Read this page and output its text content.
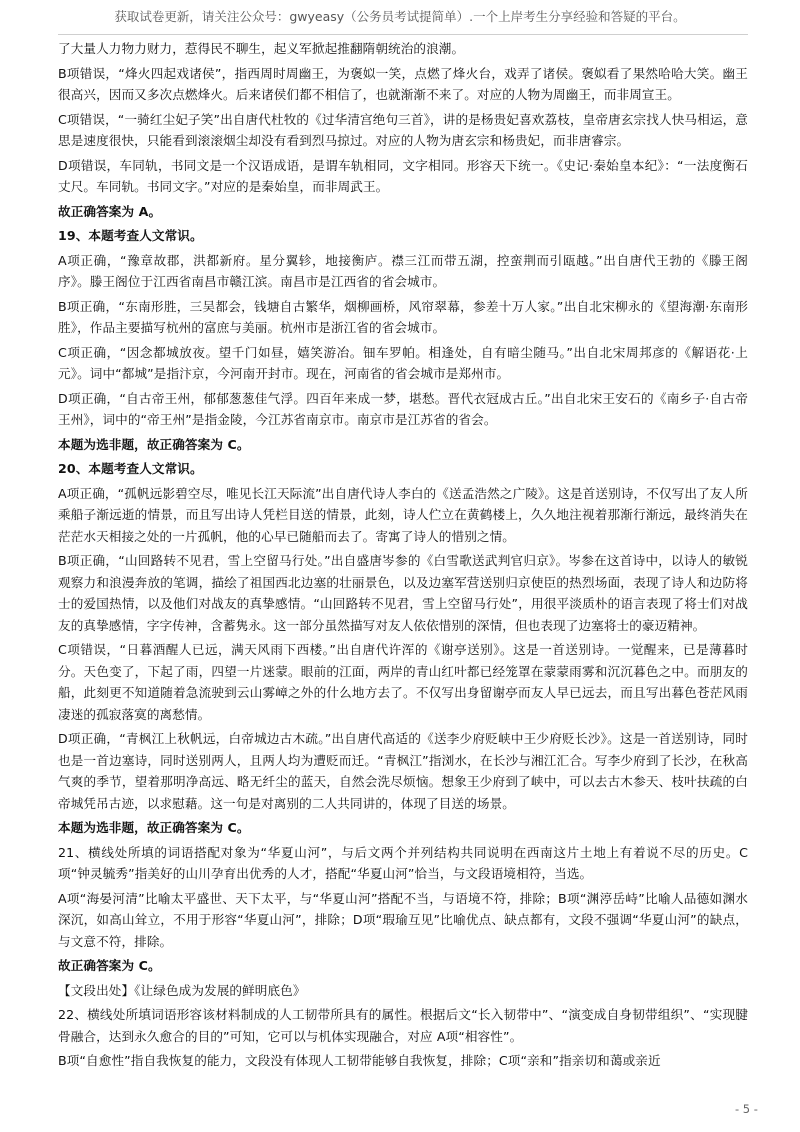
获取试卷更新，请关注公众号：gwyeasy（公务员考试提简单）.一个上岸考生分享经验和答疑的平台。

了大量人力物力财力，惹得民不聊生，起义军掀起推翻隋朝统治的浪潮。

B项错误，“烽火四起戏诸侯”，指西周时周幽王，为褒姒一笑，点燃了烽火台，戏弄了诸侯。褒姒看了果然哈哈大笑。幽王很高兴，因而又多次点燃烽火。后来诸侯们都不相信了，也就渐渐不来了。对应的人物为周幽王，而非周宣王。

C项错误，“一骑红尘妃子笑”出自唐代杜牧的《过华清宫绝句三首》，讲的是杨贵妃喜欢荔枝，皇帝唐玄宗找人快马相运，意思是速度很快，只能看到滚滚烟尘却没有看到烈马掠过。对应的人物为唐玄宗和杨贵妃，而非唐睿宗。

D项错误，车同轨，书同文是一个汉语成语，是谓车轨相同，文字相同。形容天下统一。《史记·秦始皇本纪》：“一法度衡石丈尺。车同轨。书同文字。”对应的是秦始皇，而非周武王。

故正确答案为 A。

19、本题考查人文常识。

A项正确，“豫章故郡，洪都新府。星分翼轸，地接衡庐。襟三江而带五湖，控蛮荆而引瓯越。”出自唐代王勃的《滕王阁序》。滕王阁位于江西省南昌市赣江滨。南昌市是江西省的省会城市。

B项正确，“东南形胜，三吴都会，钱塘自古繁华，烟柳画桥，风帘翠幕，参差十万人家。”出自北宋柳永的《望海潮·东南形胜》，作品主要描写杭州的富庶与美丽。杭州市是浙江省的省会城市。

C项正确，“因念都城放夜。望千门如昼，嬉笑游冶。钿车罗帕。相逢处，自有暗尘随马。”出自北宋周邦彦的《解语花·上元》。词中“都城”是指汴京，今河南开封市。现在，河南省的省会城市是郑州市。

D项正确，“自古帝王州，郁郁葱葱佳气浮。四百年来成一梦，堪愁。晋代衣冠成古丘。”出自北宋王安石的《南乡子·自古帝王州》，词中的“帝王州”是指金陵，今江苏省南京市。南京市是江苏省的省会。

本题为选非题，故正确答案为 C。

20、本题考查人文常识。

A项正确，“孤帆远影碧空尽，唯见长江天际流”出自唐代诗人李白的《送孟浩然之广陵》。这是首送别诗，不仅写出了友人所乘船子渐远逝的情景，而且写出诗人凭栏目送的情景，此刻，诗人伫立在黄鹤楼上，久久地注视着那渐行渐远，最终消失在茫茫水天相接之处的一片孤帆，他的心早已随船而去了。寄寓了诗人的惜别之情。

B项正确，“山回路转不见君，雪上空留马行处。”出自盛唐岑参的《白雪歌送武判官归京》。岑参在这首诗中，以诗人的敏锐观察力和浪漫奔放的笔调，描绘了祖国西北边塞的壮丽景色，以及边塞军营送别归京使臣的热烈场面，表现了诗人和边防将士的爱国热情，以及他们对战友的真挚感情。“山回路转不见君，雪上空留马行处”，用很平淡质朴的语言表现了将士们对战友的真挚感情，字字传神，含蓄隽永。这一部分虽然描写对友人依依惜别的深情，但也表现了边塞将士的豪迈精神。

C项错误，“日暮酒醒人已远，满天风雨下西楼。”出自唐代许浑的《谢亭送别》。这是一首送别诗。一觉醒来，已是薄暮时分。天色变了，下起了雨，四望一片迷蒙。眼前的江面，两岸的青山红叶都已经笼罩在蒙蒙雨雾和沉沉暮色之中。而朋友的船，此刻更不知道随着急流驶到云山雾嶂之外的什么地方去了。不仅写出身留谢亭而友人早已远去，而且写出暮色苍茫风雨凄迷的孤寂落寞的离愁情。

D项正确，“青枫江上秋帆远，白帝城边古木疏。”出自唐代高适的《送李少府贬峡中王少府贬长沙》。这是一首送别诗，同时也是一首边塞诗，同时送别两人，且两人均为遭贬而迁。“青枫江”指浏水，在长沙与湘江汇合。写李少府到了长沙，在秋高气爽的季节，望着那明净高远、略无纤尘的蓝天，自然会洗尽烦恼。想象王少府到了峡中，可以去古木参天、枝叶扶疏的白帝城凭吊古迹，以求慰藉。这一句是对离别的二人共同讲的，体现了目送的场景。

本题为选非题，故正确答案为 C。

21、横线处所填的词语搭配对象为“华夏山河”，与后文两个并列结构共同说明在西南这片土地上有着说不尽的历史。C项“钟灵毓秀”指美好的山川孕育出优秀的人才，搭配“华夏山河”恰当，与文段语境相符，当选。

A项“海晏河清”比喻太平盛世、天下太平，与“华夏山河”搭配不当，与语境不符，排除；B项“渊渟岳峙”比喻人品德如渊水深沉，如高山耸立，不用于形容“华夏山河”，排除；D项“瑕瑜互见”比喻优点、缺点都有，文段不强调“华夏山河”的缺点，与文意不符，排除。

故正确答案为 C。

【文段出处】《让绿色成为发展的鲜明底色》

22、横线处所填词语形容该材料制成的人工韧带所具有的属性。根据后文“长入韧带中”、“演变成自身韧带组织”、“实现腱骨融合，达到永久愈合的目的”可知，它可以与机体实现融合，对应 A项“相容性”。

B项“自愈性”指自我恢复的能力，文段没有体现人工韧带能够自我恢复，排除；C项“亲和”指亲切和蔼或亲近

- 5 -
